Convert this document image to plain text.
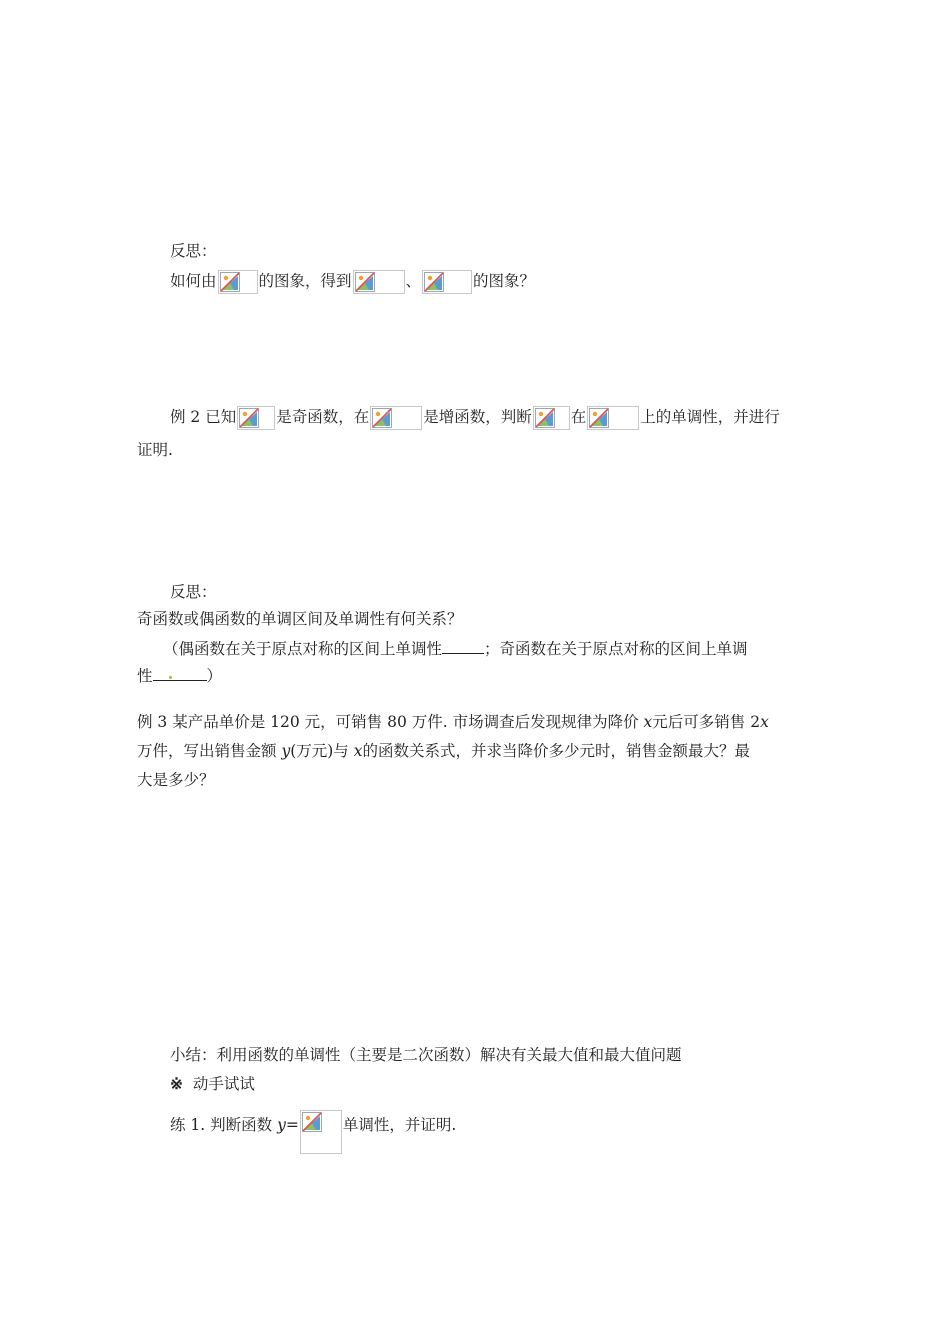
反思：
如何由	的图象，得到	、	的图象？
例 2 已知	是奇函数，在	是增函数，判断	在	上的单调性，并进行
证明.
反思：
奇函数或偶函数的单调区间及单调性有何关系？
（偶函数在关于原点对称的区间上单调性	；奇函数在关于原点对称的区间上单调
性	）
例 3 某产品单价是 120 元，可销售 80 万件. 市场调查后发现规律为降价 x元后可多销售 2x
万件，写出销售金额 y(万元)与 x的函数关系式，并求当降价多少元时，销售金额最大？最
大是多少？
小结：利用函数的单调性（主要是二次函数）解决有关最大值和最大值问题
※ 动手试试
练 1. 判断函数 y=	单调性，并证明.
